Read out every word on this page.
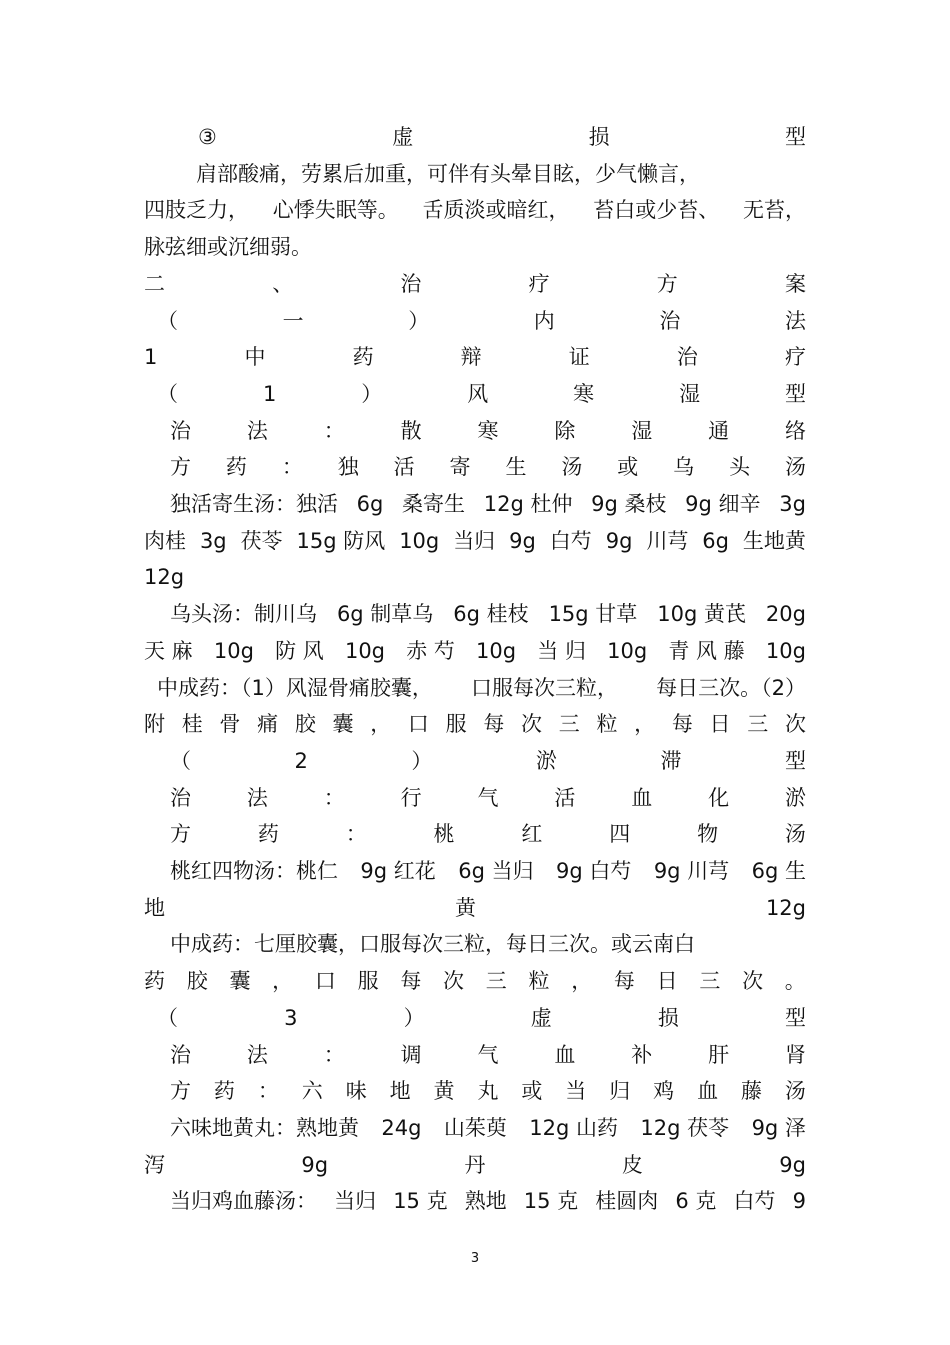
③	虚	损	型
肩部酸痛，劳累后加重，可伴有头晕目眩，少气懒言，
四肢乏力， 心悸失眠等。 舌质淡或暗红， 苔白或少苔、 无苔，
脉弦细或沉细弱。
二	、	治	疗	方	案
（	一	）	内	治	法
1	中	药	辩	证	治	疗
（	1	）	风	寒	湿	型
治	法	：	散	寒	除	湿	通	络
方 药 ： 独 活 寄 生 汤 或 乌 头 汤
独活寄生汤：独活 6g 桑寄生 12g 杜仲 9g 桑枝 9g 细辛 3g
肉桂 3g 茯苓 15g 防风 10g 当归 9g 白芍 9g 川芎 6g 生地黄
12g
乌头汤：制川乌 6g 制草乌 6g 桂枝 15g 甘草 10g 黄芪 20g
天 麻 10g 防 风 10g 赤 芍 10g 当 归 10g 青 风 藤 10g
中成药：（1）风湿骨痛胶囊， 口服每次三粒， 每日三次。（2）
附 桂 骨 痛 胶 囊 ， 口 服 每 次 三 粒 ， 每 日 三 次
（	2	）	淤	滞	型
治	法	：	行	气	活	血	化	淤
方	药	：	桃	红	四	物	汤
桃红四物汤：桃仁 9g 红花 6g 当归 9g 白芍 9g 川芎 6g 生
地	黄	12g
中成药：七厘胶囊，口服每次三粒，每日三次。或云南白
药 胶 囊 ， 口 服 每 次 三 粒 ， 每 日 三 次 。
（	3	）	虚	损	型
治	法	：	调	气	血	补	肝	肾
方 药 ： 六 味 地 黄 丸 或 当 归 鸡 血 藤 汤
六味地黄丸：熟地黄 24g 山茱萸 12g 山药 12g 茯苓 9g 泽
泻	9g	丹	皮	9g
当归鸡血藤汤： 当归 15 克 熟地 15 克 桂圆肉 6 克 白芍 9
3
